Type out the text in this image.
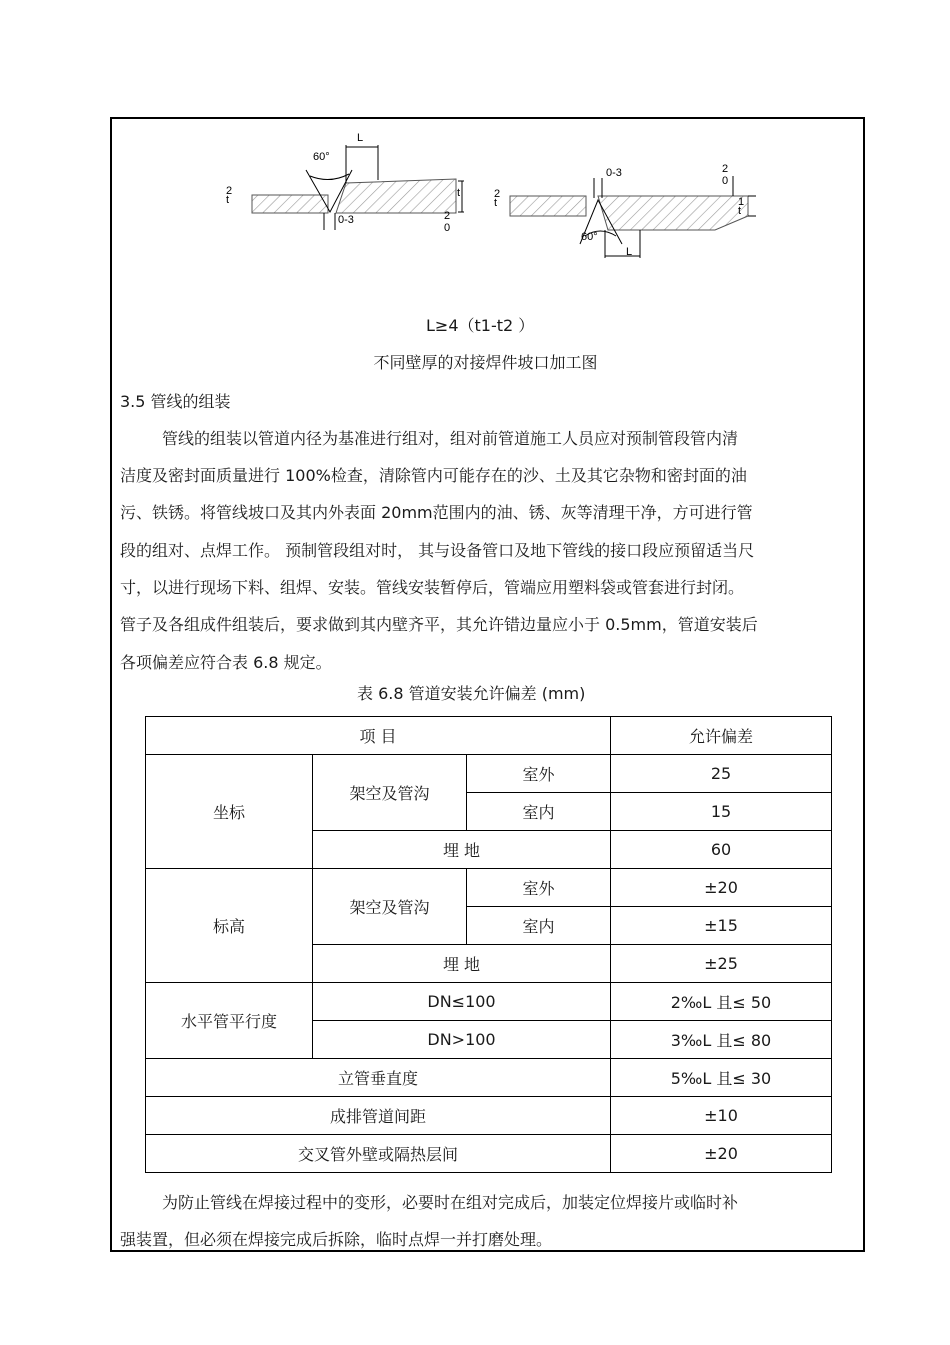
L
60°
0-3
2
t
t
2
0
L
60°
0-3
2
t
2
0
1
t
L≥4（t1-t2 ）
不同壁厚的对接焊件坡口加工图
3.5 管线的组装
管线的组装以管道内径为基准进行组对，组对前管道施工人员应对预制管段管内清
洁度及密封面质量进行 100%检查，清除管内可能存在的沙、土及其它杂物和密封面的油
污、铁锈。将管线坡口及其内外表面 20mm范围内的油、锈、灰等清理干净，方可进行管
段的组对、点焊工作。 预制管段组对时， 其与设备管口及地下管线的接口段应预留适当尺
寸，以进行现场下料、组焊、安装。管线安装暂停后，管端应用塑料袋或管套进行封闭。
管子及各组成件组装后，要求做到其内壁齐平，其允许错边量应小于 0.5mm，管道安装后
各项偏差应符合表 6.8 规定。
表 6.8 管道安装允许偏差 (mm)
项 目			允许偏差
坐标	架空及管沟	室外	25
		室内	15
	埋 地		60
标高	架空及管沟	室外	±20
		室内	±15
	埋 地		±25
水平管平行度	DN≤100		2‰L 且≤ 50
	DN>100		3‰L 且≤ 80
立管垂直度			5‰L 且≤ 30
成排管道间距			±10
交叉管外壁或隔热层间			±20
为防止管线在焊接过程中的变形，必要时在组对完成后，加装定位焊接片或临时补
强装置，但必须在焊接完成后拆除，临时点焊一并打磨处理。
